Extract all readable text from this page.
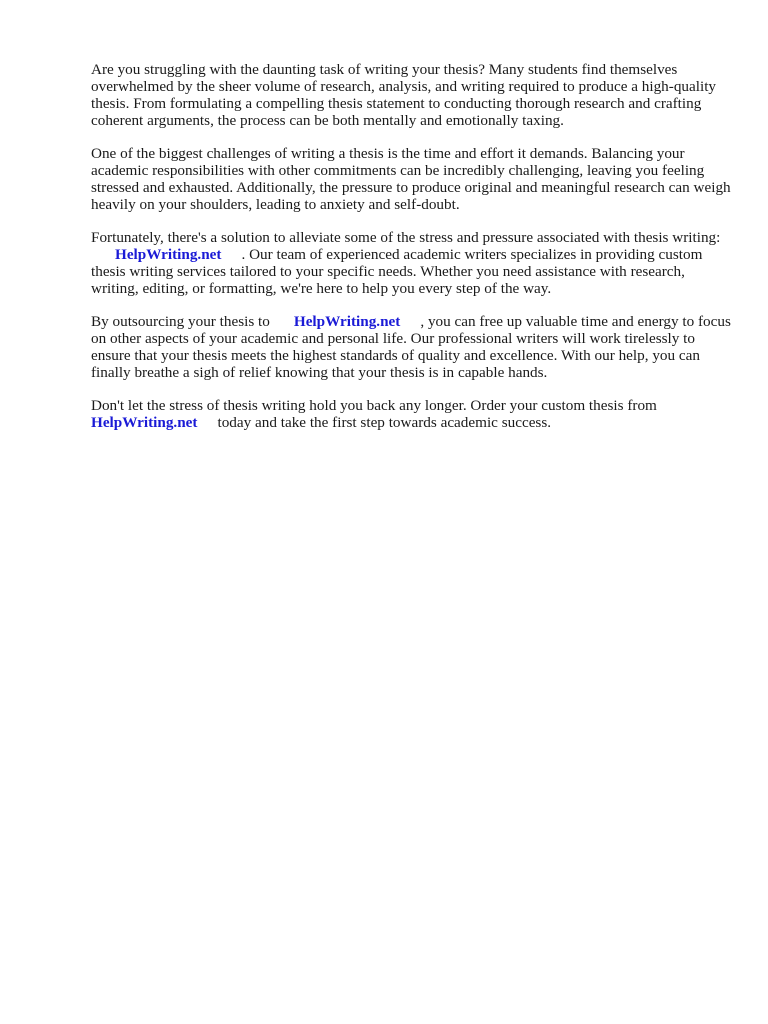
Are you struggling with the daunting task of writing your thesis? Many students find themselves overwhelmed by the sheer volume of research, analysis, and writing required to produce a high-quality thesis. From formulating a compelling thesis statement to conducting thorough research and crafting coherent arguments, the process can be both mentally and emotionally taxing.

One of the biggest challenges of writing a thesis is the time and effort it demands. Balancing your academic responsibilities with other commitments can be incredibly challenging, leaving you feeling stressed and exhausted. Additionally, the pressure to produce original and meaningful research can weigh heavily on your shoulders, leading to anxiety and self-doubt.

Fortunately, there's a solution to alleviate some of the stress and pressure associated with thesis writing:HelpWriting.net . Our team of experienced academic writers specializes in providing custom thesis writing services tailored to your specific needs. Whether you need assistance with research, writing, editing, or formatting, we're here to help you every step of the way.

By outsourcing your thesis to HelpWriting.net , you can free up valuable time and energy to focus on other aspects of your academic and personal life. Our professional writers will work tirelessly to ensure that your thesis meets the highest standards of quality and excellence. With our help, you can finally breathe a sigh of relief knowing that your thesis is in capable hands.

Don't let the stress of thesis writing hold you back any longer. Order your custom thesis from HelpWriting.net today and take the first step towards academic success.
